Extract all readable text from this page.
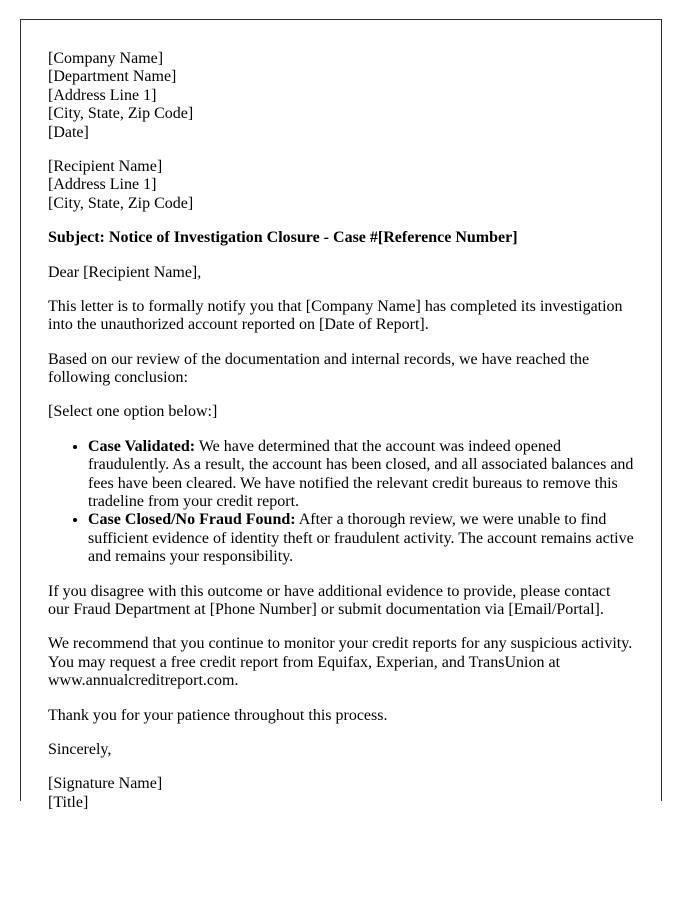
[Company Name]
[Department Name]
[Address Line 1]
[City, State, Zip Code]
[Date]
[Recipient Name]
[Address Line 1]
[City, State, Zip Code]

Subject: Notice of Investigation Closure - Case #[Reference Number]

Dear [Recipient Name],

This letter is to formally notify you that [Company Name] has completed its investigation into the unauthorized account reported on [Date of Report].

Based on our review of the documentation and internal records, we have reached the following conclusion:

[Select one option below:]

• Case Validated: We have determined that the account was indeed opened fraudulently. As a result, the account has been closed, and all associated balances and fees have been cleared. We have notified the relevant credit bureaus to remove this tradeline from your credit report.
• Case Closed/No Fraud Found: After a thorough review, we were unable to find sufficient evidence of identity theft or fraudulent activity. The account remains active and remains your responsibility.

If you disagree with this outcome or have additional evidence to provide, please contact our Fraud Department at [Phone Number] or submit documentation via [Email/Portal].

We recommend that you continue to monitor your credit reports for any suspicious activity. You may request a free credit report from Equifax, Experian, and TransUnion at www.annualcreditreport.com.

Thank you for your patience throughout this process.

Sincerely,

[Signature Name]
[Title]
